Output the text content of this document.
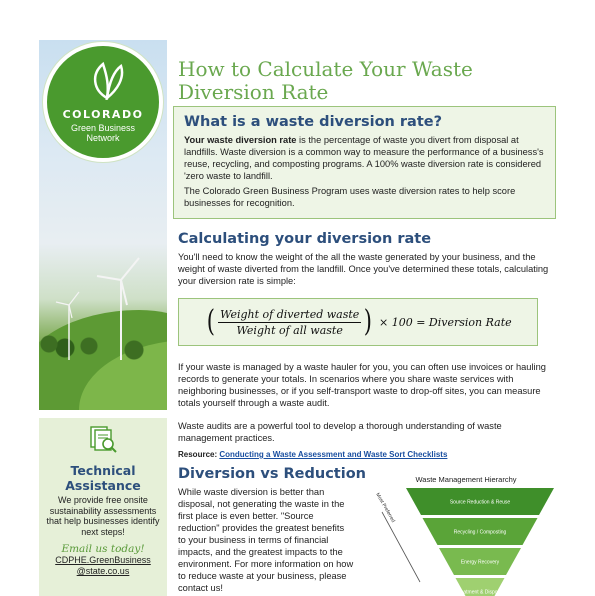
COLORADO
Green Business
Network
Technical
Assistance
We provide free onsite sustainability assessments that help businesses identify next steps!
Email us today!
CDPHE.GreenBusiness
@state.co.us
How to Calculate Your Waste
Diversion Rate
What is a waste diversion rate?
Your waste diversion rate is the percentage of waste you divert from disposal at landfills. Waste diversion is a common way to measure the performance of a business's reuse, recycling, and composting programs. A 100% waste diversion rate is considered 'zero waste to landfill.
The Colorado Green Business Program uses waste diversion rates to help score businesses for recognition.
Calculating your diversion rate
You'll need to know the weight of the all the waste generated by your business, and the weight of waste diverted from the landfill. Once you've determined these totals, calculating your diversion rate is simple:
( $\frac{\text{Weight of diverted waste}}{\text{Weight of all waste}}$ ) × 100 = Diversion Rate
If your waste is managed by a waste hauler for you, you can often use invoices or hauling records to generate your totals. In scenarios where you share waste services with neighboring businesses, or if you self-transport waste to drop-off sites, you can measure totals yourself through a waste audit.
Waste audits are a powerful tool to develop a thorough understanding of waste management practices.
Resource: Conducting a Waste Assessment and Waste Sort Checklists
Diversion vs Reduction
While waste diversion is better than disposal, not generating the waste in the first place is even better. "Source reduction" provides the greatest benefits to your business in terms of financial impacts, and the greatest impacts to the environment. For more information on how to reduce waste at your business, please contact us!
Waste Management Hierarchy
Source Reduction & Reuse
Recycling / Composting
Energy Recovery
Treatment & Disposal
Most Preferred
